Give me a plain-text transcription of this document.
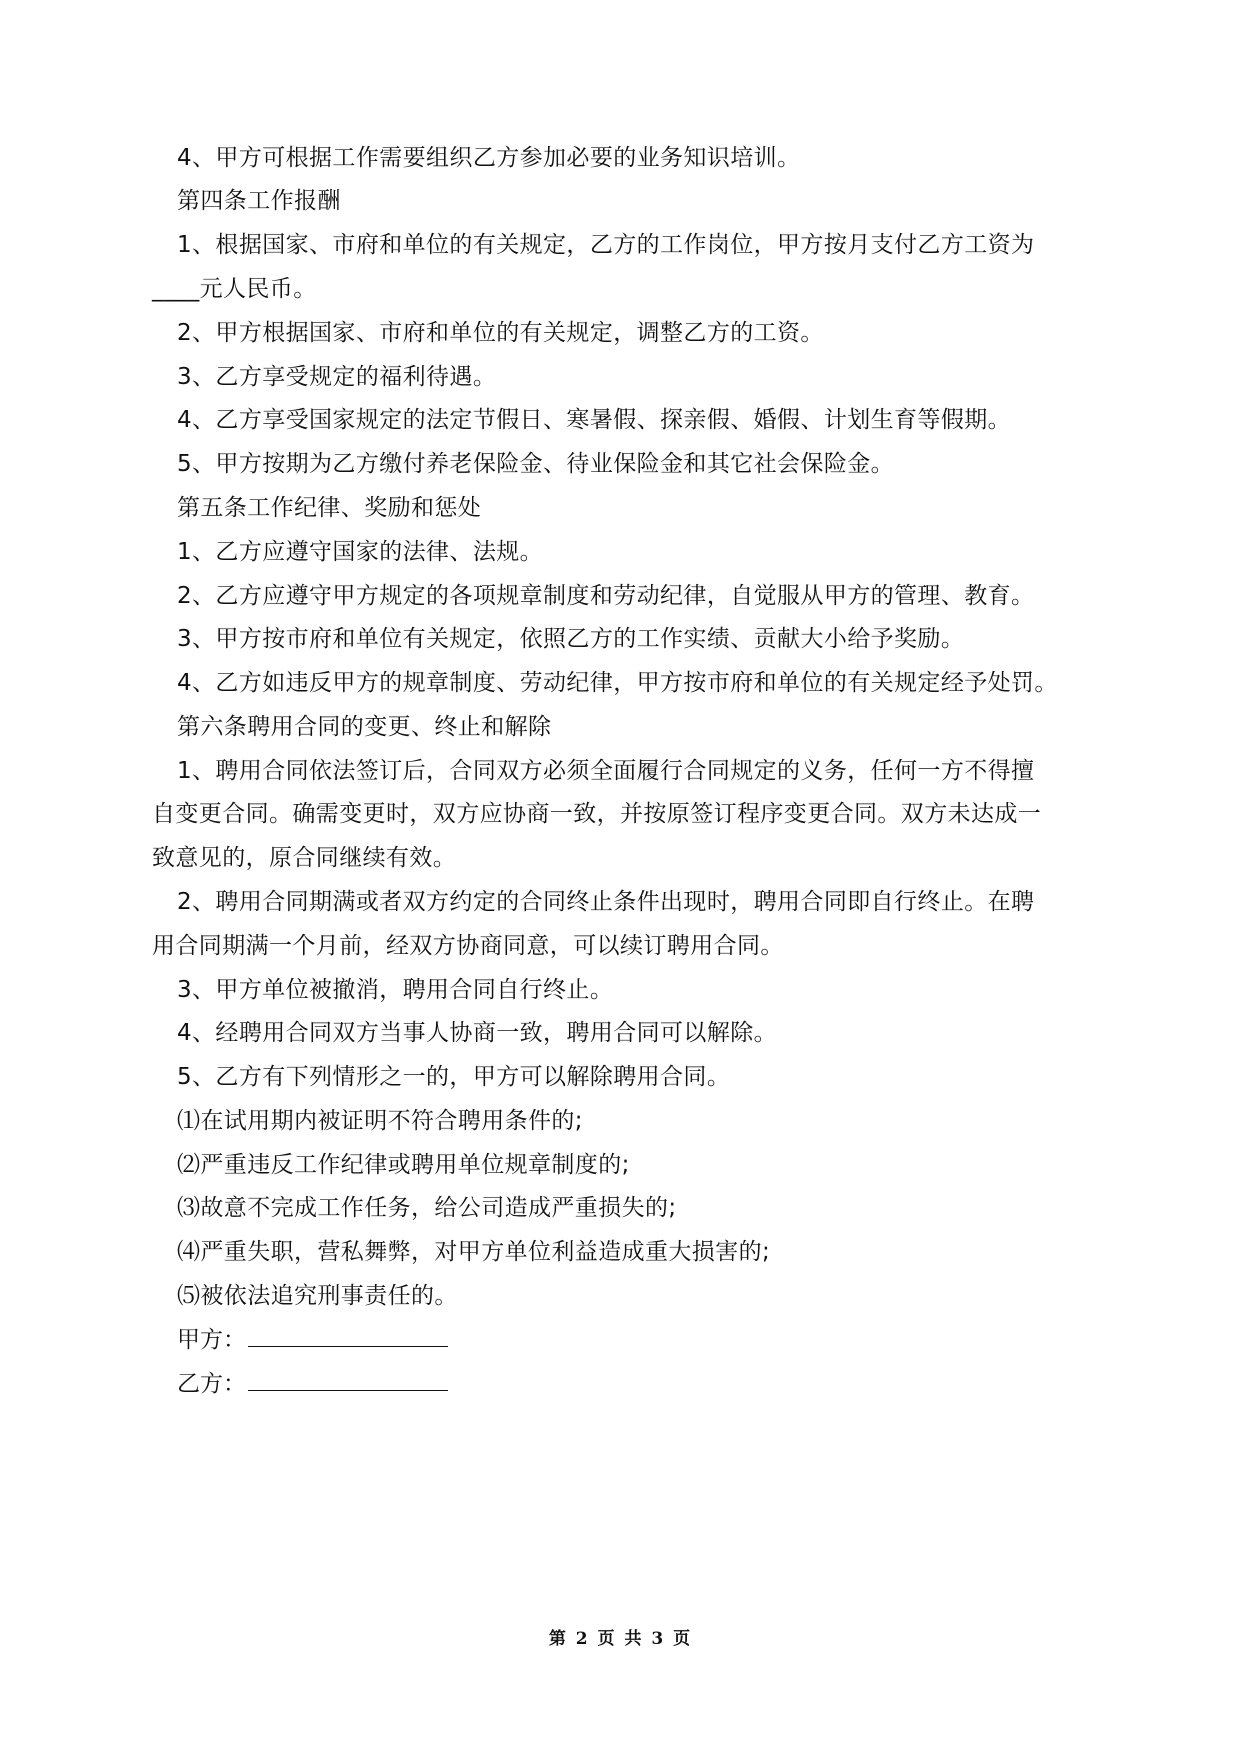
4、甲方可根据工作需要组织乙方参加必要的业务知识培训。
第四条工作报酬
1、根据国家、市府和单位的有关规定，乙方的工作岗位，甲方按月支付乙方工资为
____元人民币。
2、甲方根据国家、市府和单位的有关规定，调整乙方的工资。
3、乙方享受规定的福利待遇。
4、乙方享受国家规定的法定节假日、寒暑假、探亲假、婚假、计划生育等假期。
5、甲方按期为乙方缴付养老保险金、待业保险金和其它社会保险金。
第五条工作纪律、奖励和惩处
1、乙方应遵守国家的法律、法规。
2、乙方应遵守甲方规定的各项规章制度和劳动纪律，自觉服从甲方的管理、教育。
3、甲方按市府和单位有关规定，依照乙方的工作实绩、贡献大小给予奖励。
4、乙方如违反甲方的规章制度、劳动纪律，甲方按市府和单位的有关规定经予处罚。
第六条聘用合同的变更、终止和解除
1、聘用合同依法签订后，合同双方必须全面履行合同规定的义务，任何一方不得擅
自变更合同。确需变更时，双方应协商一致，并按原签订程序变更合同。双方未达成一
致意见的，原合同继续有效。
2、聘用合同期满或者双方约定的合同终止条件出现时，聘用合同即自行终止。在聘
用合同期满一个月前，经双方协商同意，可以续订聘用合同。
3、甲方单位被撤消，聘用合同自行终止。
4、经聘用合同双方当事人协商一致，聘用合同可以解除。
5、乙方有下列情形之一的，甲方可以解除聘用合同。
⑴在试用期内被证明不符合聘用条件的;
⑵严重违反工作纪律或聘用单位规章制度的;
⑶故意不完成工作任务，给公司造成严重损失的;
⑷严重失职，营私舞弊，对甲方单位利益造成重大损害的;
⑸被依法追究刑事责任的。
甲方：
乙方：
第 2 页 共 3 页
